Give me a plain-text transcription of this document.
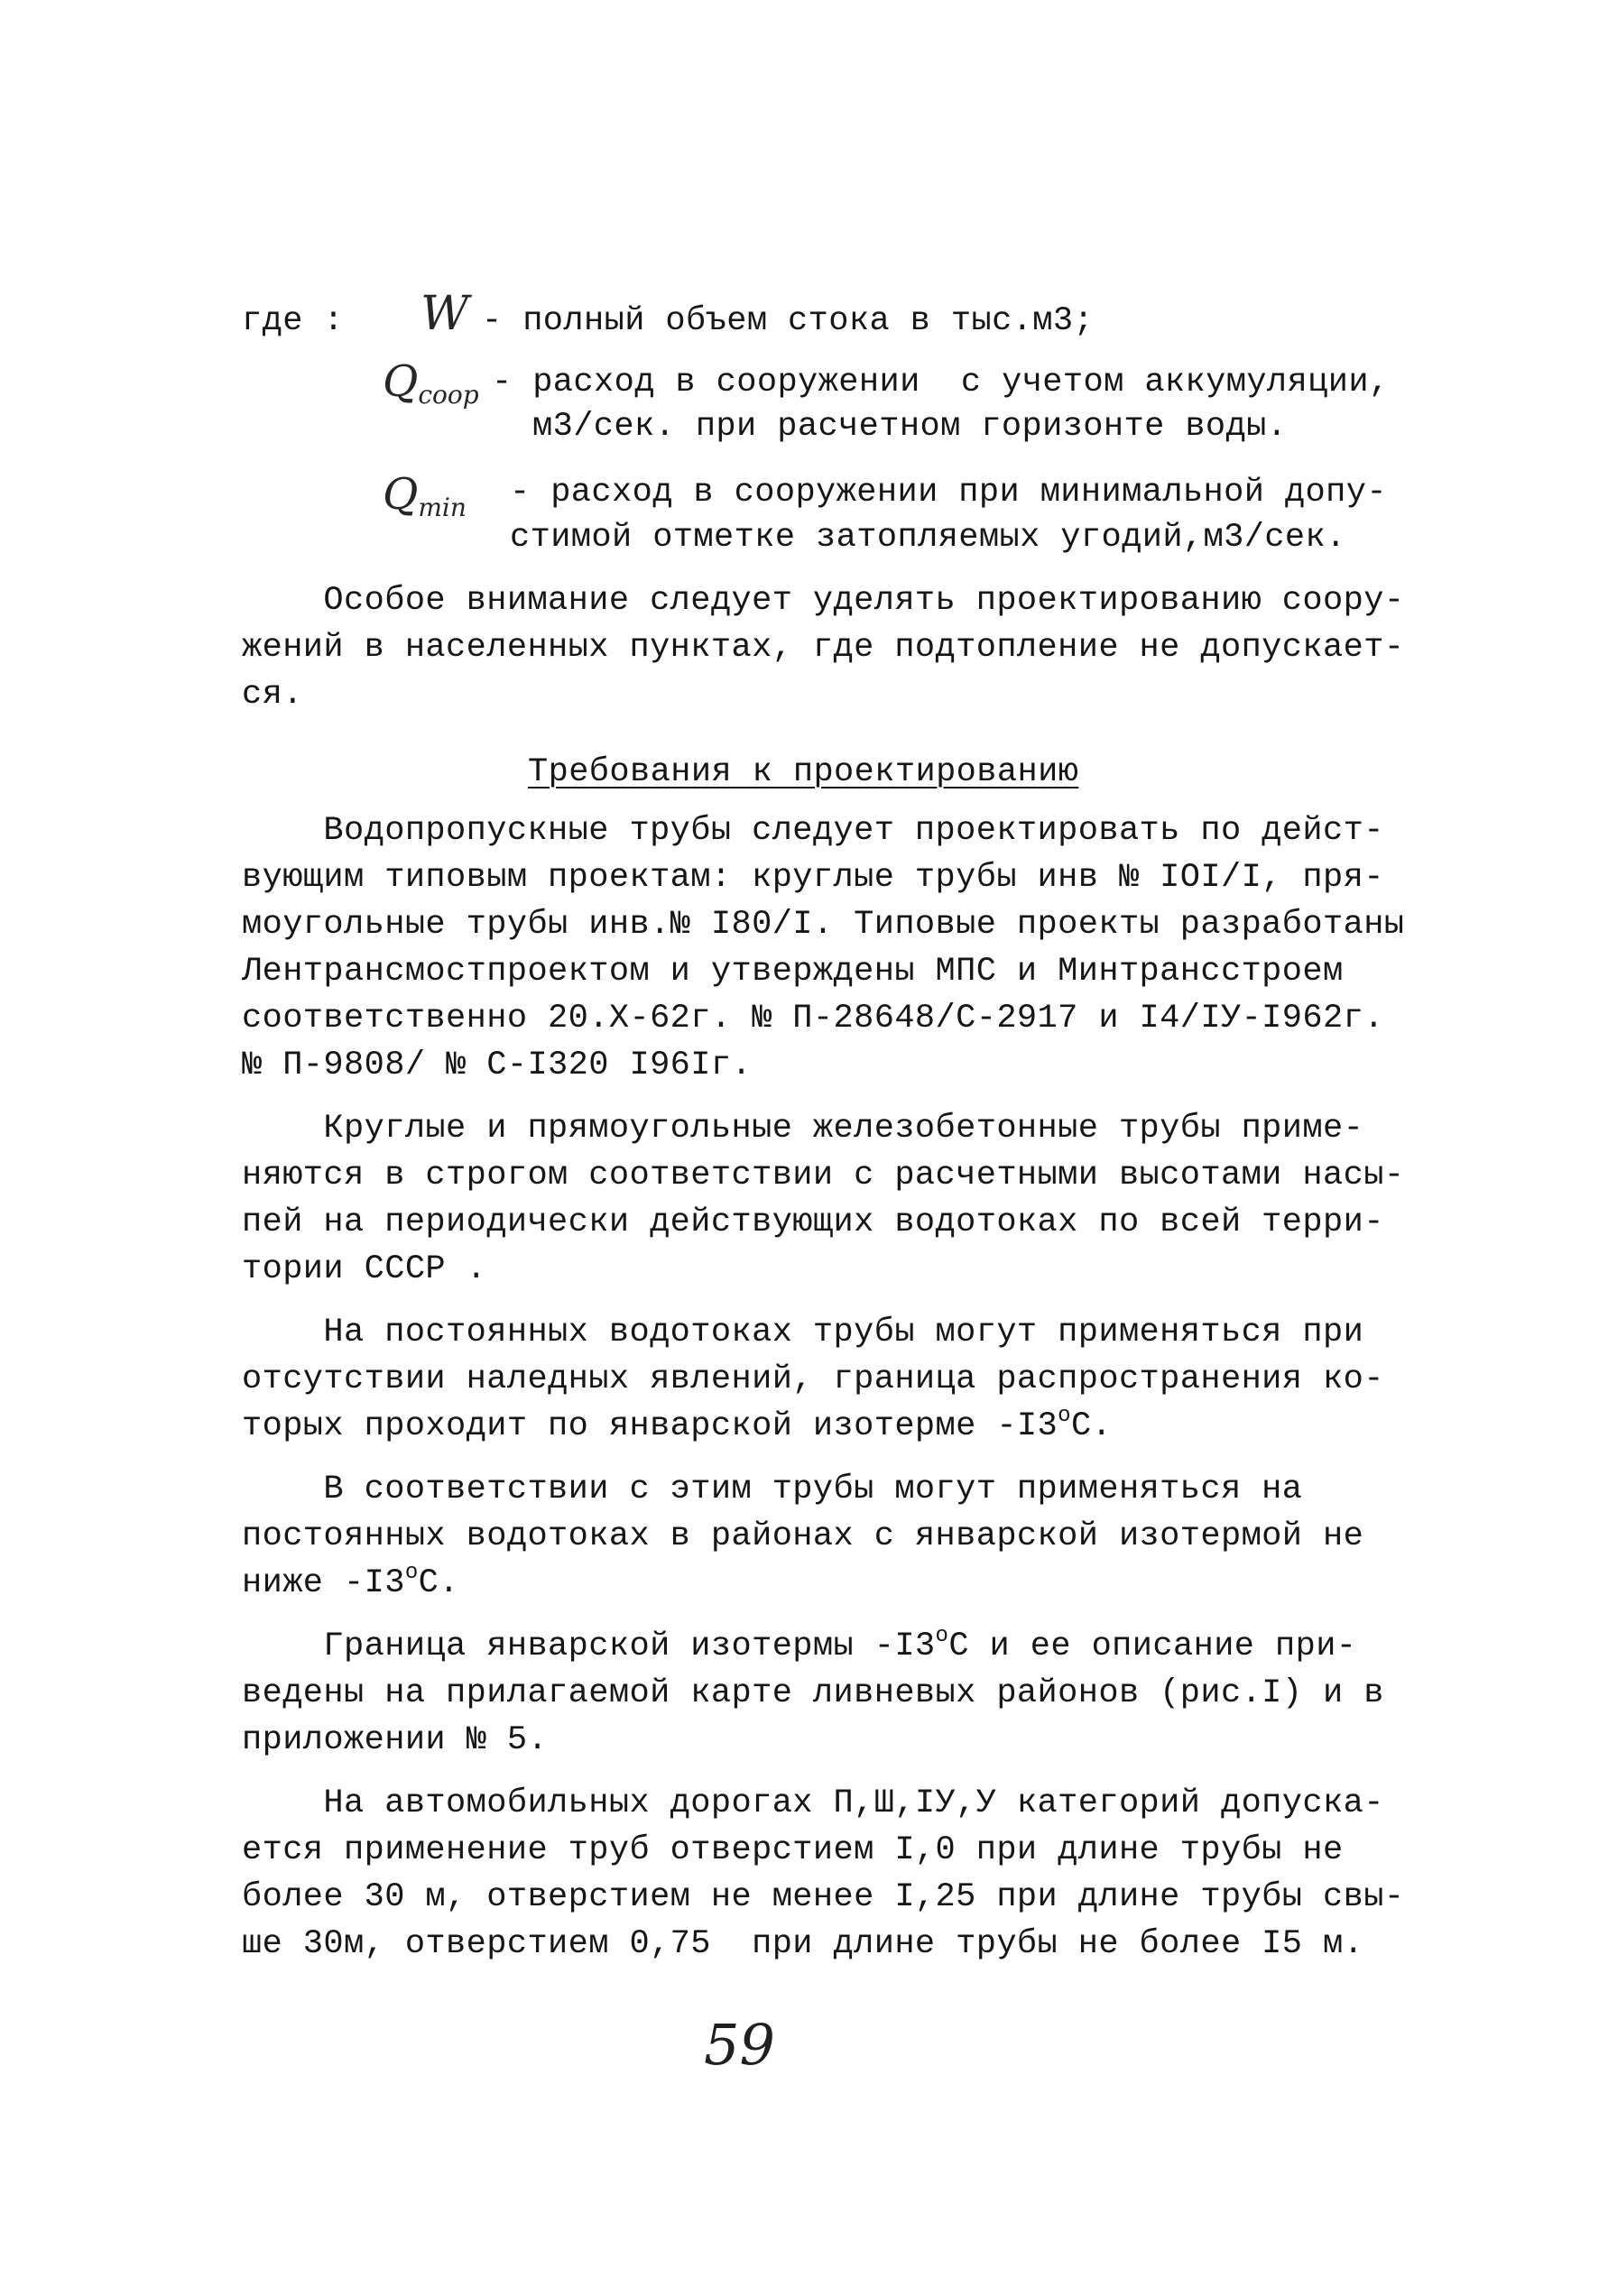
где : W - полный объем стока в тыс.м3;
$Q_{coop}$ - расход в сооружении  с учетом аккумуляции,
м3/сек. при расчетном горизонте воды.
$Q_{min}$ - расход в сооружении при минимальной допу-
стимой отметке затопляемых угодий,м3/сек.
Особое внимание следует уделять проектированию соору-
жений в населенных пунктах, где подтопление не допускает-
ся.
Требования к проектированию
Водопропускные трубы следует проектировать по дейст-
вующим типовым проектам: круглые трубы инв № IOI/I, пря-
моугольные трубы инв.№ I80/I. Типовые проекты разработаны
Лентрансмостпроектом и утверждены МПС и Минтрансстроем
соответственно 20.X-62г. № П-28648/С-2917 и I4/IУ-I962г.
№ П-9808/ № С-I320 I96Iг.
Круглые и прямоугольные железобетонные трубы приме-
няются в строгом соответствии с расчетными высотами насы-
пей на периодически действующих водотоках по всей терри-
тории СССР .
На постоянных водотоках трубы могут применяться при
отсутствии наледных явлений, граница распространения ко-
торых проходит по январской изотерме -I3$^o$C.
В соответствии с этим трубы могут применяться на
постоянных водотоках в районах с январской изотермой не
ниже -I3$^o$C.
Граница январской изотермы -I3$^o$C и ее описание при-
ведены на прилагаемой карте ливневых районов (рис.I) и в
приложении № 5.
На автомобильных дорогах П,Ш,IУ,У категорий допуска-
ется применение труб отверстием I,0 при длине трубы не
более 30 м, отверстием не менее I,25 при длине трубы свы-
ше 30м, отверстием 0,75  при длине трубы не более I5 м.
59
